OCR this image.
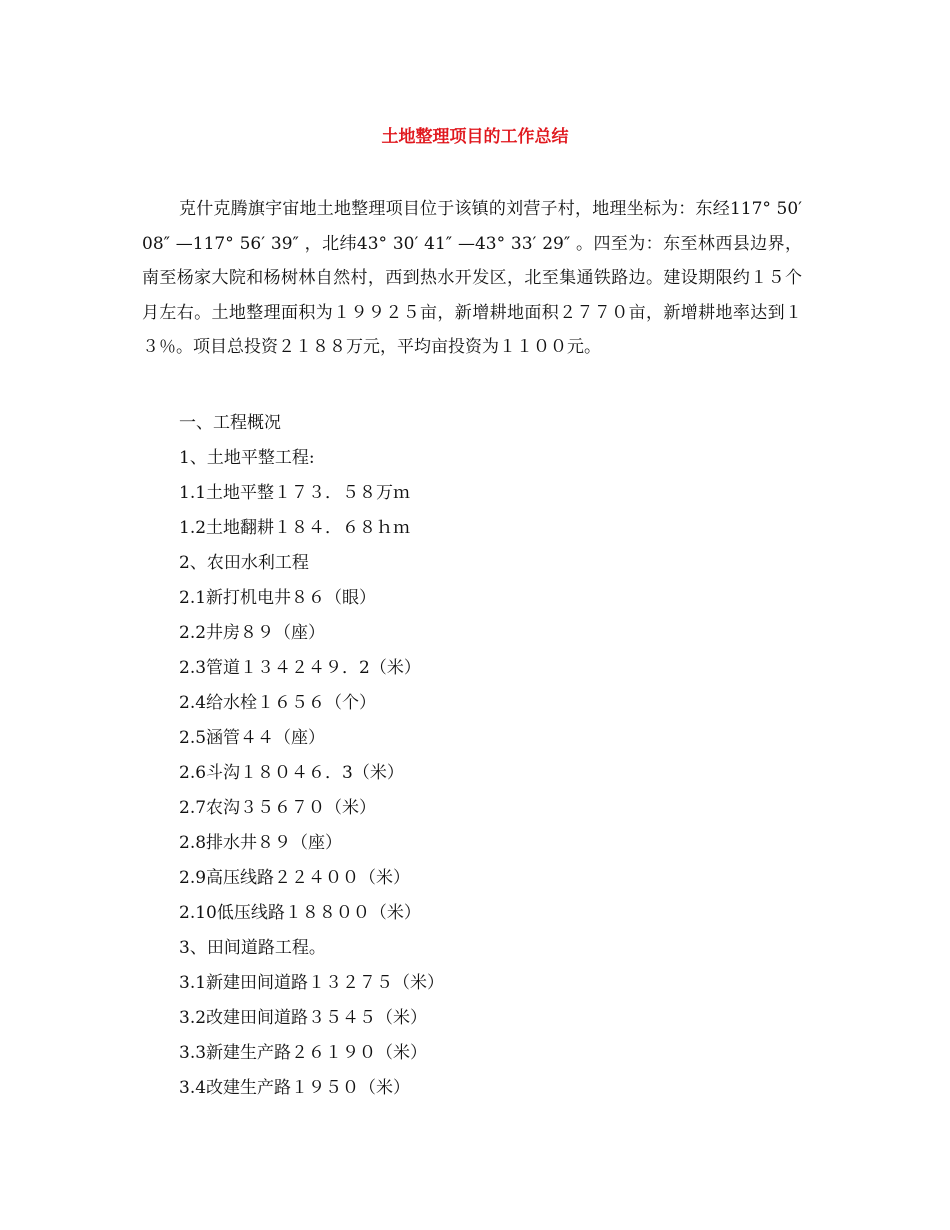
土地整理项目的工作总结
克什克腾旗宇宙地土地整理项目位于该镇的刘营子村，地理坐标为：东经117° 50′ 08″ —117° 56′ 39″ ，北纬43° 30′ 41″ —43° 33′ 29″ 。四至为：东至林西县边界，南至杨家大院和杨树林自然村，西到热水开发区，北至集通铁路边。建设期限约１５个月左右。土地整理面积为１９９２５亩，新增耕地面积２７７０亩，新增耕地率达到１３％。项目总投资２１８８万元，平均亩投资为１１００元。
一、工程概况
1、土地平整工程:
1.1土地平整１７３．５８万ｍ
1.2土地翻耕１８４．６８ｈｍ
2、农田水利工程
2.1新打机电井８６（眼）
2.2井房８９（座）
2.3管道１３４２４９．2（米）
2.4给水栓１６５６（个）
2.5涵管４４（座）
2.6斗沟１８０４６．3（米）
2.7农沟３５６７０（米）
2.8排水井８９（座）
2.9高压线路２２４００（米）
2.10低压线路１８８００（米）
3、田间道路工程。
3.1新建田间道路１３２７５（米）
3.2改建田间道路３５４５（米）
3.3新建生产路２６１９０（米）
3.4改建生产路１９５０（米）
